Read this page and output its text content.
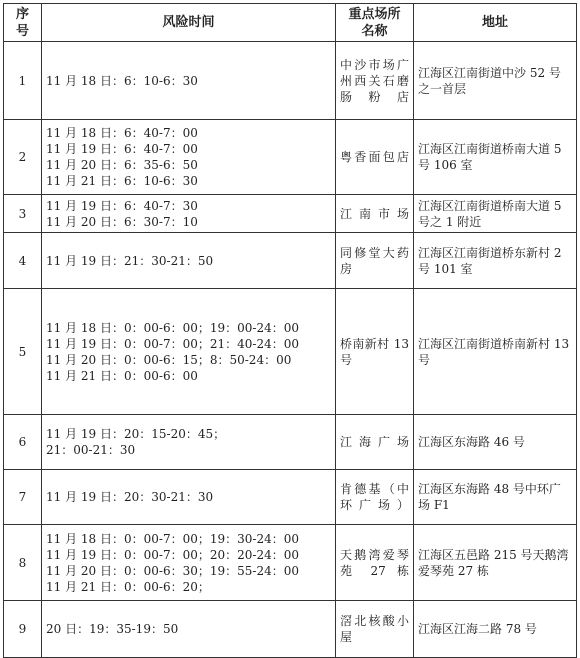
序号	风险时间	重点场所名称	地址
1	11 月 18 日：6：10-6：30	中沙市场广州西关石磨肠粉店	江海区江南街道中沙 52 号之一首层
2	11 月 18 日：6：40-7：00
11 月 19 日：6：40-7：00
11 月 20 日：6：35-6：50
11 月 21 日：6：10-6：30	粤香面包店	江海区江南街道桥南大道 5 号 106 室
3	11 月 19 日：6：40-7：30
11 月 20 日：6：30-7：10	江南市场	江海区江南街道桥南大道 5 号之 1 附近
4	11 月 19 日：21：30-21：50	同修堂大药房	江海区江南街道桥东新村 2 号 101 室
5	11 月 18 日：0：00-6：00；19：00-24：00
11 月 19 日：0：00-7：00；21：40-24：00
11 月 20 日：0：00-6：15；8：50-24：00
11 月 21 日：0：00-6：00	桥南新村 13 号	江海区江南街道桥南新村 13 号
6	11 月 19 日：20：15-20：45；
21：00-21：30	江海广场	江海区东海路 46 号
7	11 月 19 日：20：30-21：30	肯德基（中环广场）	江海区东海路 48 号中环广场 F1
8	11 月 18 日：0：00-7：00；19：30-24：00
11 月 19 日：0：00-7：00；20：20-24：00
11 月 20 日：0：00-6：30；19：55-24：00
11 月 21 日：0：00-6：20；	天鹅湾爱琴苑 27 栋	江海区五邑路 215 号天鹅湾爱琴苑 27 栋
9	20 日：19：35-19：50	滘北核酸小屋	江海区江海二路 78 号
